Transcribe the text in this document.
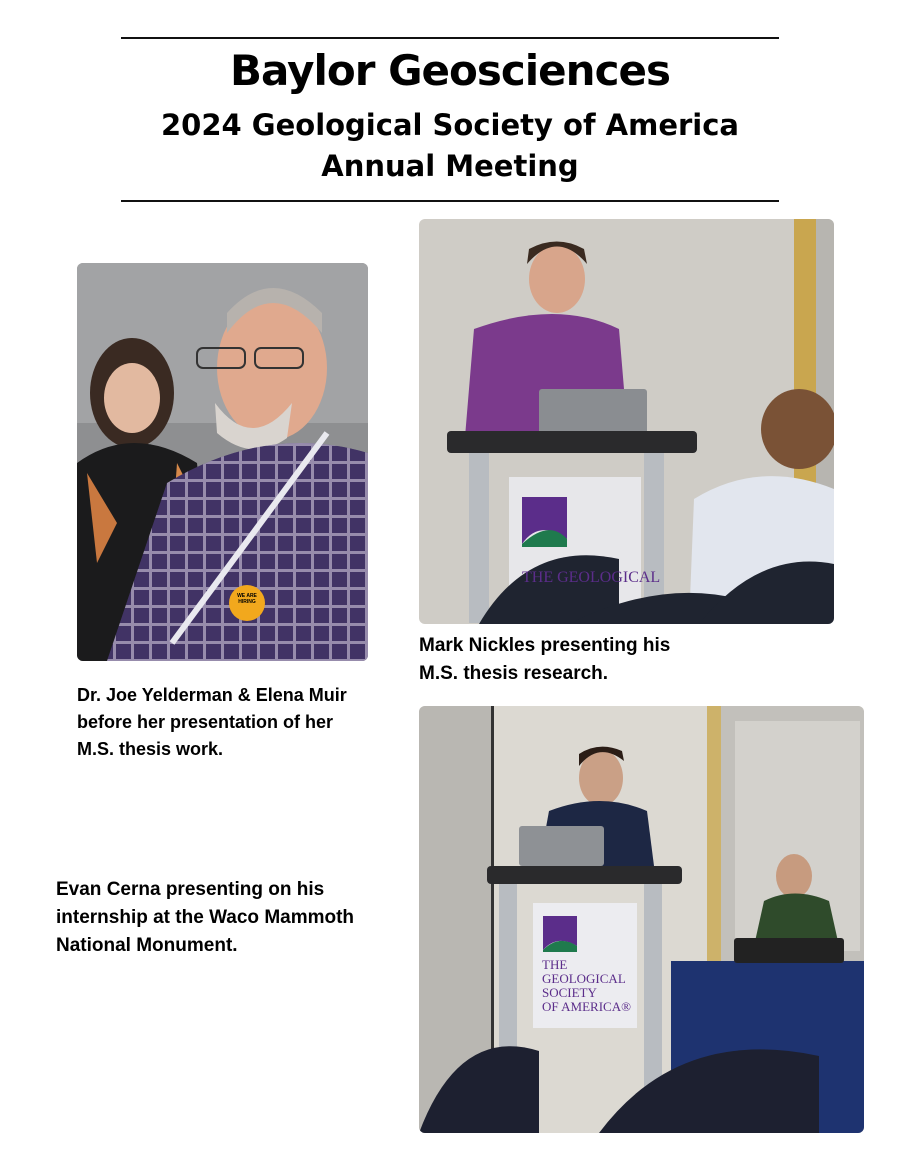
Baylor Geosciences
2024 Geological Society of America
Annual Meeting
WE ARE HIRING
Dr. Joe Yelderman & Elena Muir
before her presentation of her
M.S. thesis work.
THE GEOLOGICAL
Mark Nickles presenting his
M.S. thesis research.
THE
GEOLOGICAL
SOCIETY
OF AMERICA®
Evan Cerna presenting on his
internship at the Waco Mammoth
National Monument.
